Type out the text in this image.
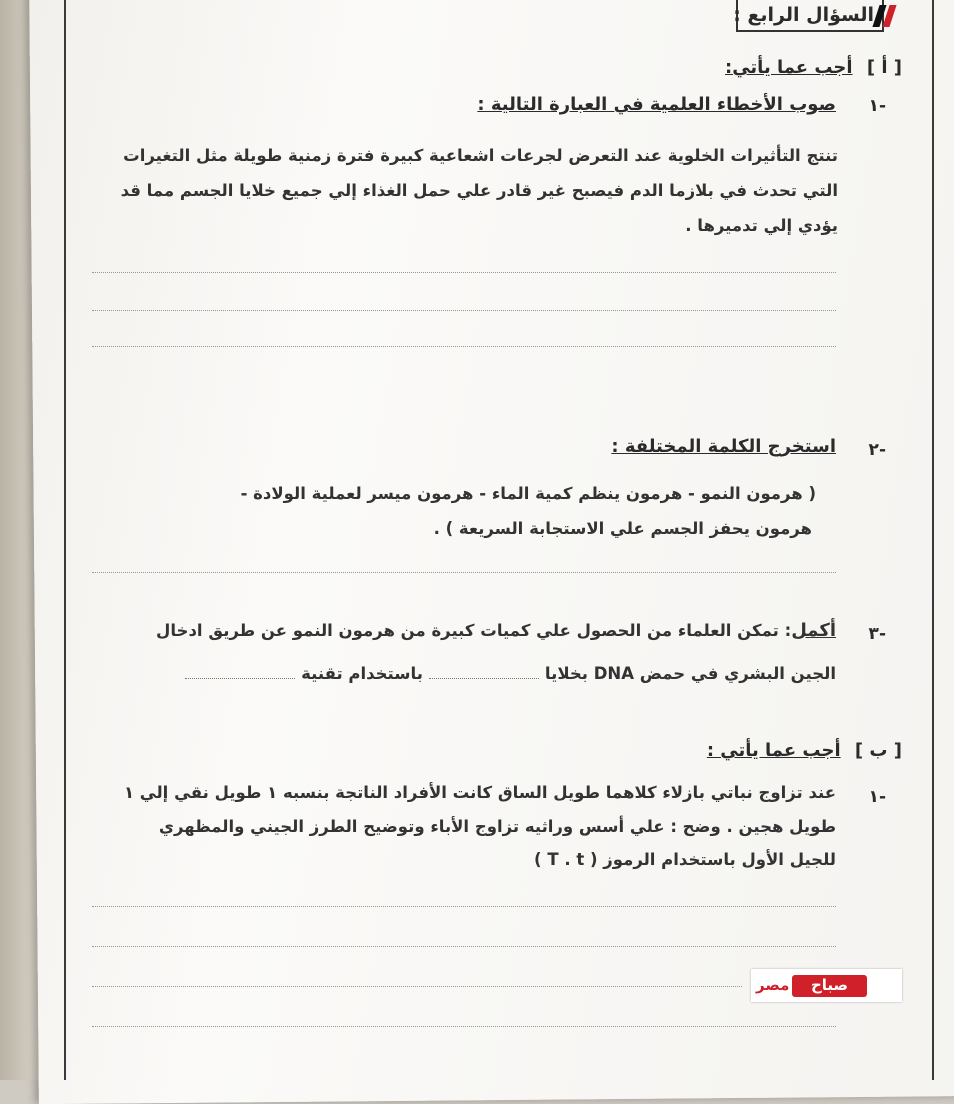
السؤال الرابع :
[ أ ] أجب عما يأتي:
-١
صوب الأخطاء العلمية في العبارة التالية :
تنتج التأثيرات الخلوية عند التعرض لجرعات اشعاعية كبيرة فترة زمنية طويلة مثل التغيرات
التي تحدث في بلازما الدم فيصبح غير قادر علي حمل الغذاء إلي جميع خلايا الجسم مما قد
يؤدي إلي تدميرها .
-٢
استخرج الكلمة المختلفة :
( هرمون النمو - هرمون ينظم كمية الماء - هرمون ميسر لعملية الولادة -
هرمون يحفز الجسم علي الاستجابة السريعة ) .
-٣
أكمل: تمكن العلماء من الحصول علي كميات كبيرة من هرمون النمو عن طريق ادخال
الجين البشري في حمض DNA بخلاياباستخدام تقنية
[ ب ] أجب عما يأتي :
-١
عند تزاوج نباتي بازلاء كلاهما طويل الساق كانت الأفراد الناتجة بنسبه ١ طويل نقي إلي ١
طويل هجين . وضح : علي أسس وراثيه تزاوج الأباء وتوضيح الطرز الجيني والمظهري
للجيل الأول باستخدام الرموز ( T . t )
صباح
مصر
